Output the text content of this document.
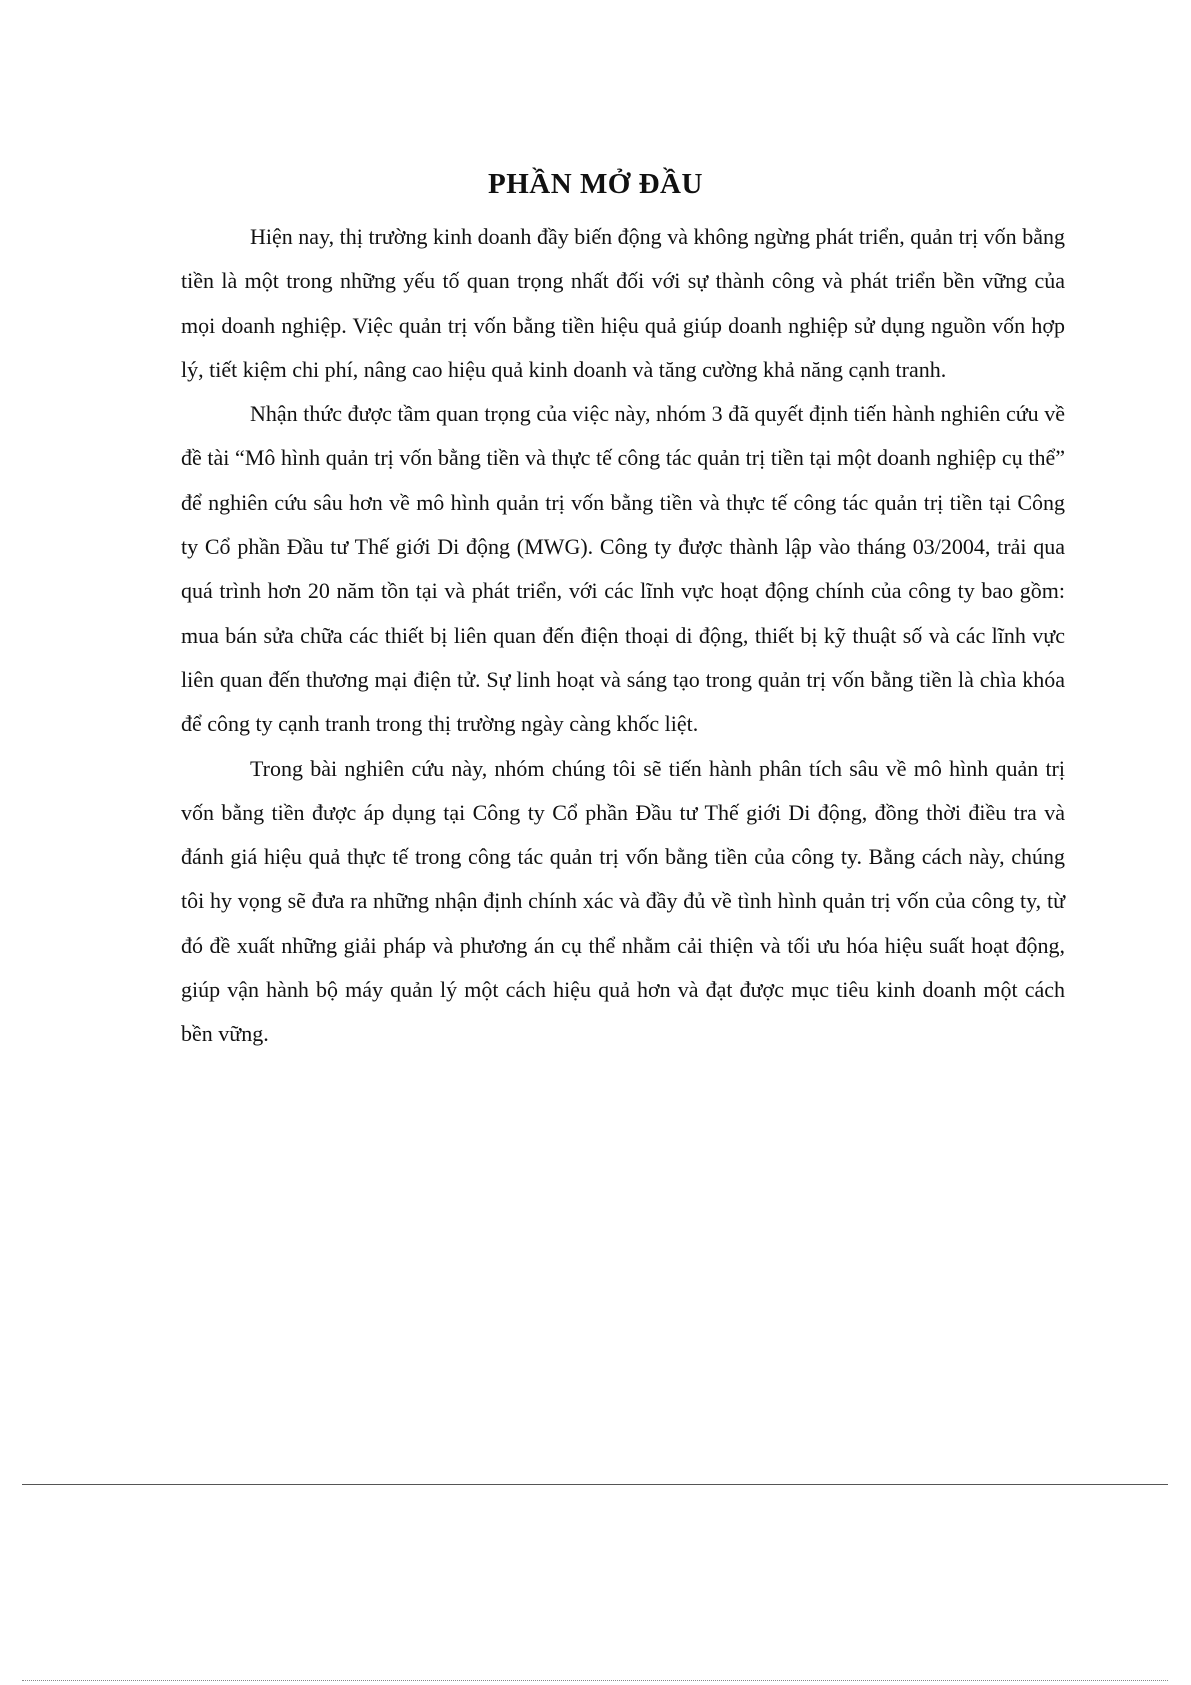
PHẦN MỞ ĐẦU

Hiện nay, thị trường kinh doanh đầy biến động và không ngừng phát triển, quản trị vốn bằng tiền là một trong những yếu tố quan trọng nhất đối với sự thành công và phát triển bền vững của mọi doanh nghiệp. Việc quản trị vốn bằng tiền hiệu quả giúp doanh nghiệp sử dụng nguồn vốn hợp lý, tiết kiệm chi phí, nâng cao hiệu quả kinh doanh và tăng cường khả năng cạnh tranh.

Nhận thức được tầm quan trọng của việc này, nhóm 3 đã quyết định tiến hành nghiên cứu về đề tài “Mô hình quản trị vốn bằng tiền và thực tế công tác quản trị tiền tại một doanh nghiệp cụ thể” để nghiên cứu sâu hơn về mô hình quản trị vốn bằng tiền và thực tế công tác quản trị tiền tại Công ty Cổ phần Đầu tư Thế giới Di động (MWG). Công ty được thành lập vào tháng 03/2004, trải qua quá trình hơn 20 năm tồn tại và phát triển, với các lĩnh vực hoạt động chính của công ty bao gồm: mua bán sửa chữa các thiết bị liên quan đến điện thoại di động, thiết bị kỹ thuật số và các lĩnh vực liên quan đến thương mại điện tử. Sự linh hoạt và sáng tạo trong quản trị vốn bằng tiền là chìa khóa để công ty cạnh tranh trong thị trường ngày càng khốc liệt.

Trong bài nghiên cứu này, nhóm chúng tôi sẽ tiến hành phân tích sâu về mô hình quản trị vốn bằng tiền được áp dụng tại Công ty Cổ phần Đầu tư Thế giới Di động, đồng thời điều tra và đánh giá hiệu quả thực tế trong công tác quản trị vốn bằng tiền của công ty. Bằng cách này, chúng tôi hy vọng sẽ đưa ra những nhận định chính xác và đầy đủ về tình hình quản trị vốn của công ty, từ đó đề xuất những giải pháp và phương án cụ thể nhằm cải thiện và tối ưu hóa hiệu suất hoạt động, giúp vận hành bộ máy quản lý một cách hiệu quả hơn và đạt được mục tiêu kinh doanh một cách bền vững.
